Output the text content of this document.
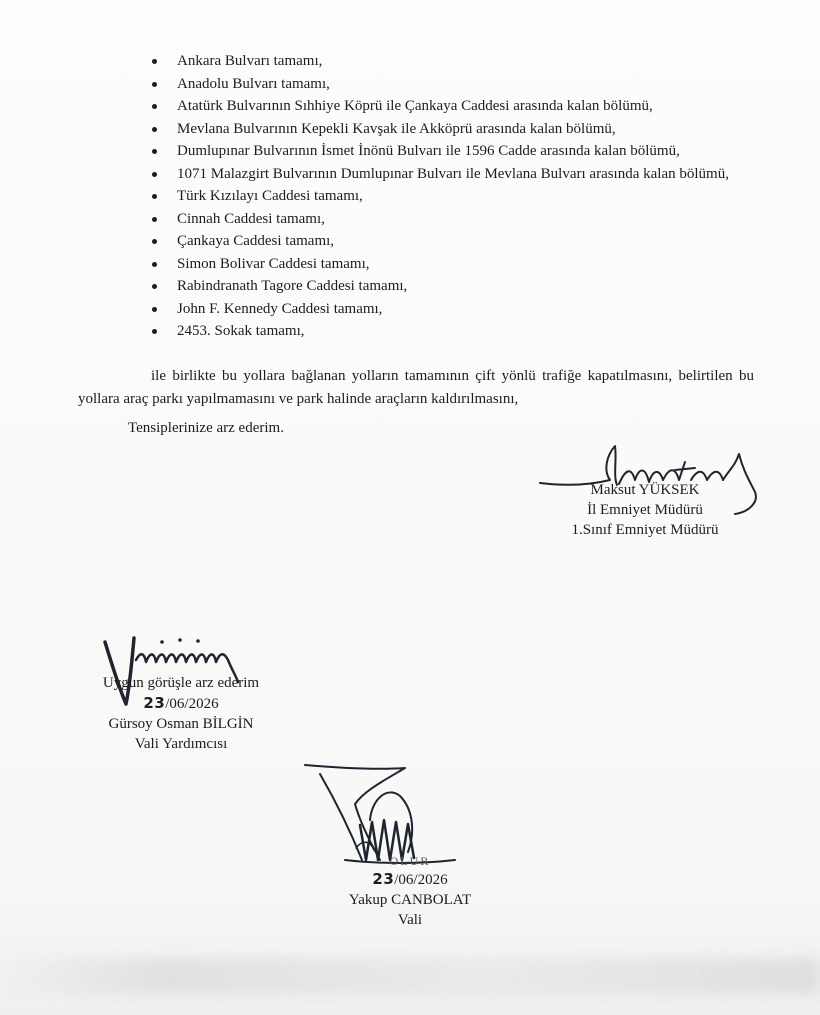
Ankara Bulvarı tamamı,
Anadolu Bulvarı tamamı,
Atatürk Bulvarının Sıhhiye Köprü ile Çankaya Caddesi arasında kalan bölümü,
Mevlana Bulvarının Kepekli Kavşak ile Akköprü arasında kalan bölümü,
Dumlupınar Bulvarının İsmet İnönü Bulvarı ile 1596 Cadde arasında kalan bölümü,
1071 Malazgirt Bulvarının Dumlupınar Bulvarı ile Mevlana Bulvarı arasında kalan bölümü,
Türk Kızılayı Caddesi tamamı,
Cinnah Caddesi tamamı,
Çankaya Caddesi tamamı,
Simon Bolivar Caddesi tamamı,
Rabindranath Tagore Caddesi tamamı,
John F. Kennedy Caddesi tamamı,
2453. Sokak tamamı,

ile birlikte bu yollara bağlanan yolların tamamının çift yönlü trafiğe kapatılmasını, belirtilen bu yollara araç parkı yapılmamasını ve park halinde araçların kaldırılmasını,

Tensiplerinize arz ederim.

Maksut YÜKSEK
İl Emniyet Müdürü
1.Sınıf Emniyet Müdürü
Uygun görüşle arz ederim
23/06/2026
Gürsoy Osman BİLGİN
Vali Yardımcısı
OLUR
23/06/2026
Yakup CANBOLAT
Vali
